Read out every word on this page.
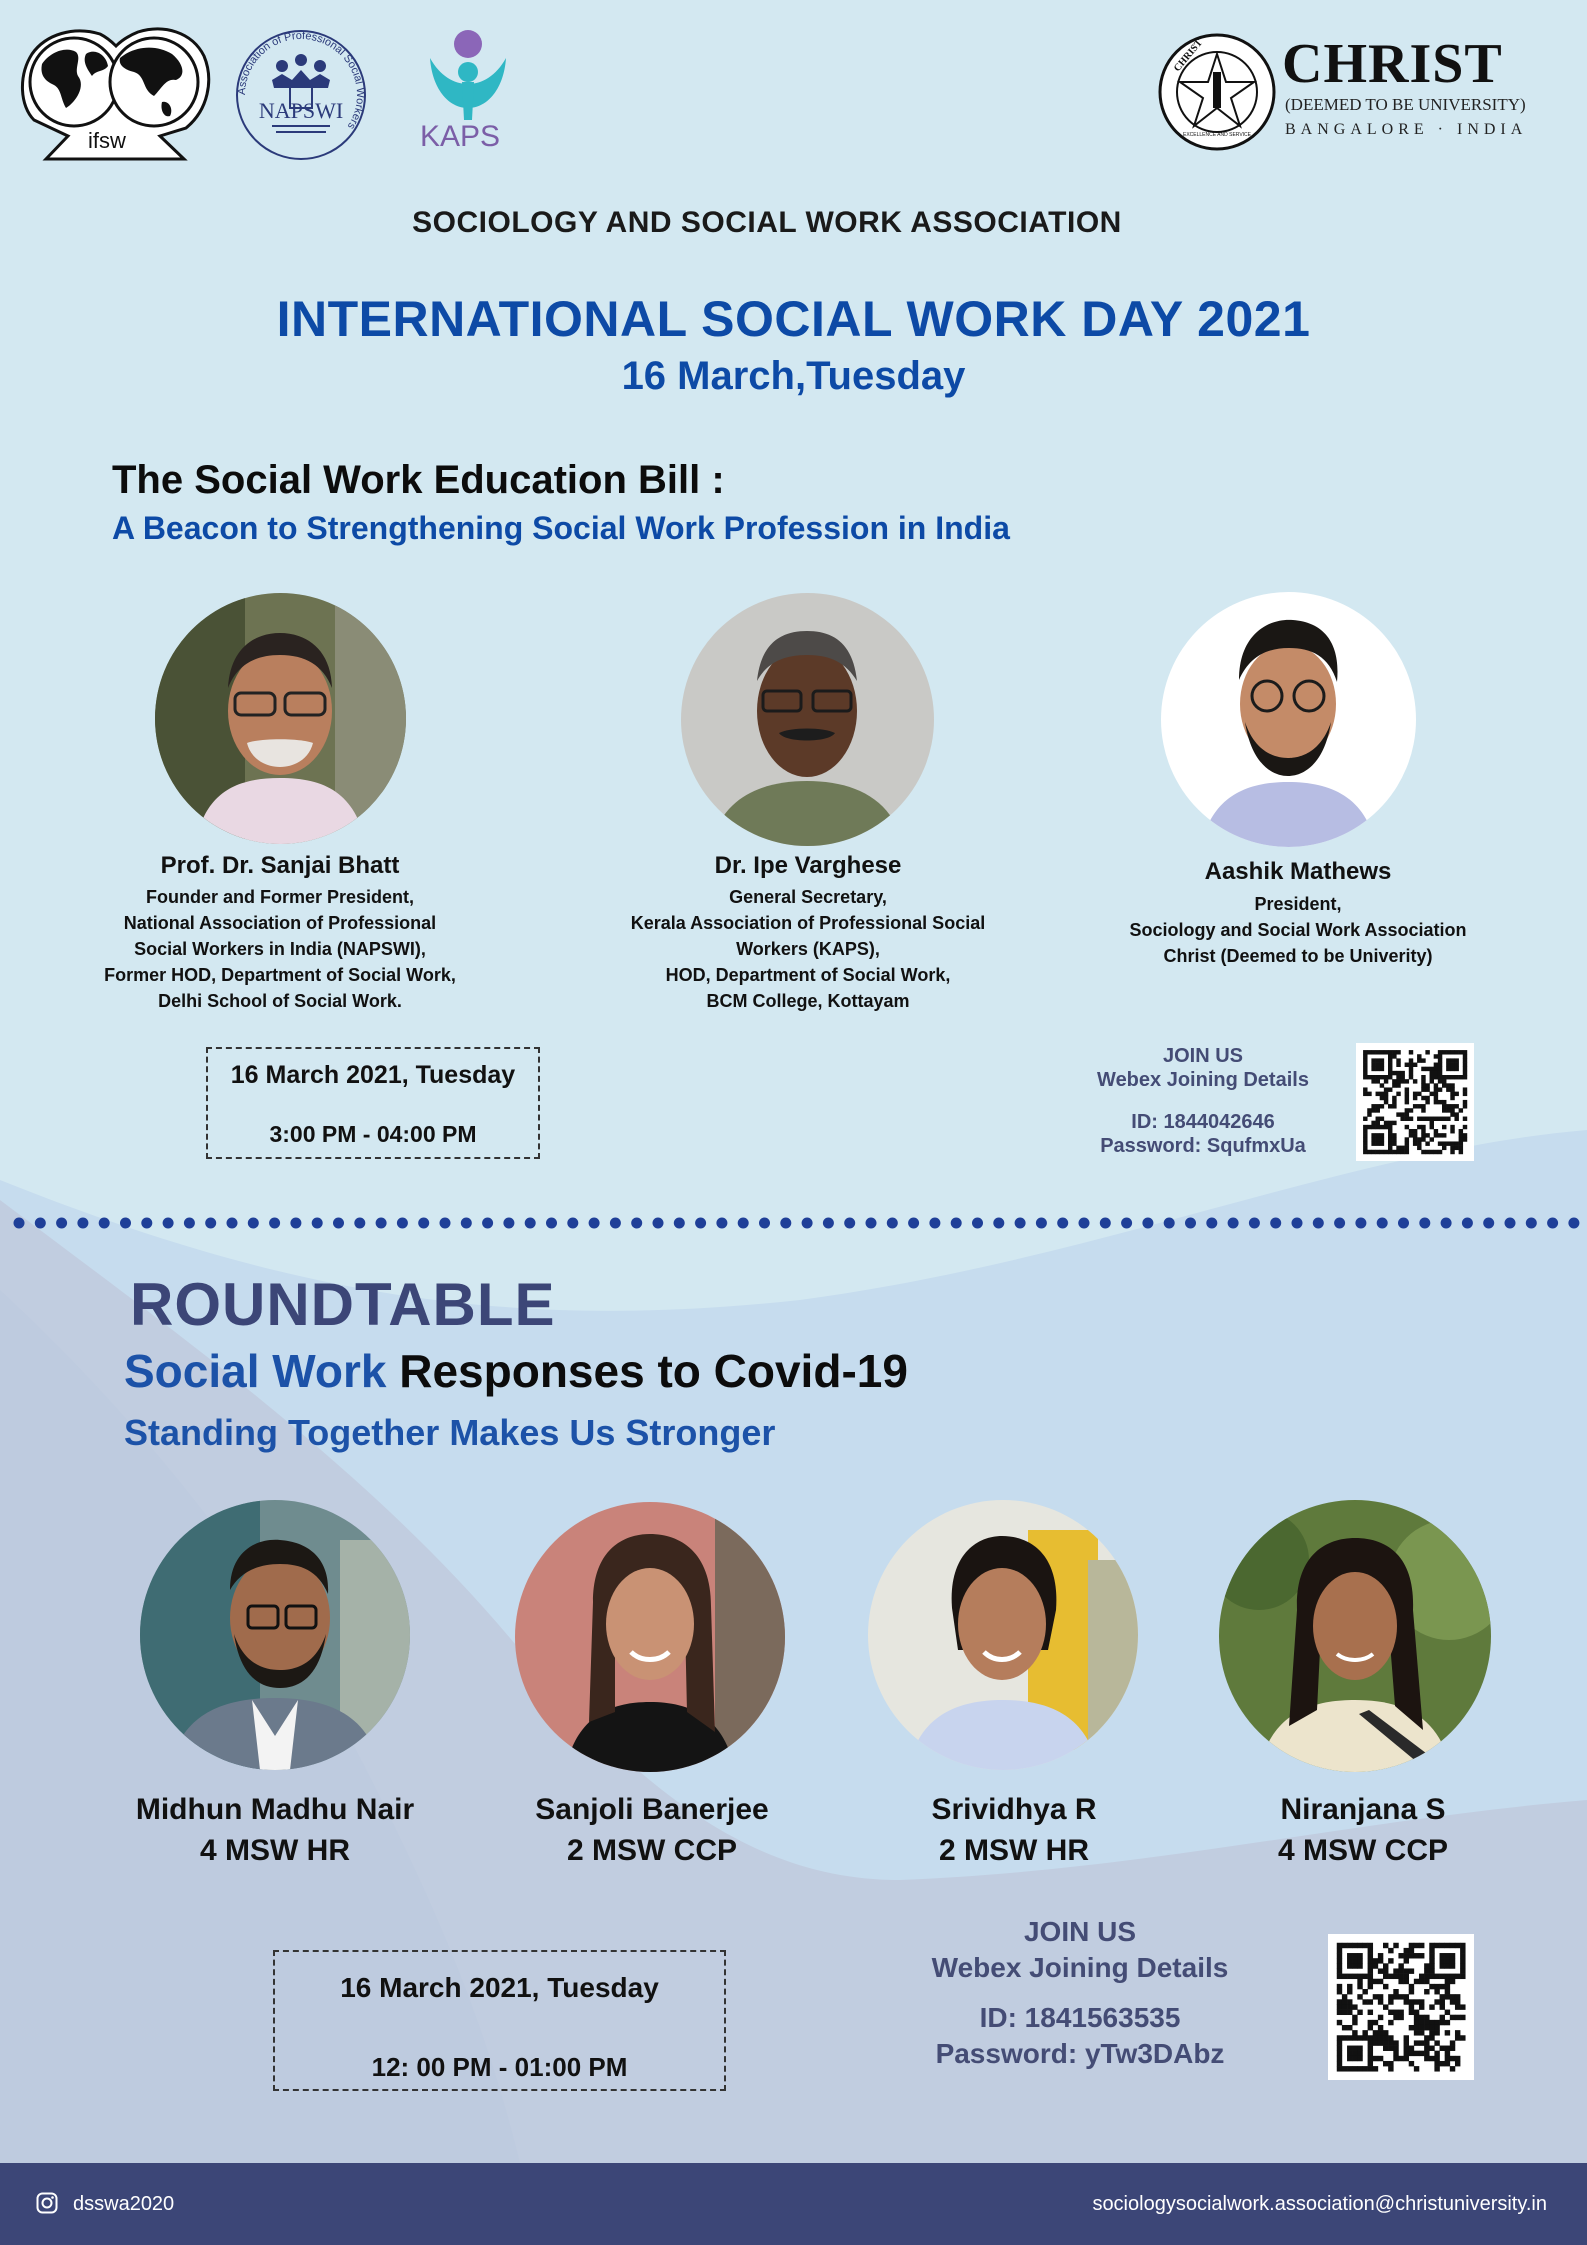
ifsw
Association of Professional Social Workers
NAPSWI
KAPS
CHRIST
EXCELLENCE AND SERVICE
CHRIST
(DEEMED TO BE UNIVERSITY)
BANGALORE · INDIA
SOCIOLOGY AND SOCIAL WORK ASSOCIATION
INTERNATIONAL SOCIAL WORK DAY 2021
16 March,Tuesday
The Social Work Education Bill :
A Beacon to Strengthening Social Work Profession in India
Prof. Dr. Sanjai Bhatt
Founder and Former President,
National Association of Professional
Social Workers in India (NAPSWI),
Former HOD, Department of Social Work,
Delhi School of Social Work.
Dr. Ipe Varghese
General Secretary,
Kerala Association of Professional Social
Workers (KAPS),
HOD, Department of Social Work,
BCM College, Kottayam
Aashik Mathews
President,
Sociology and Social Work Association
Christ (Deemed to be Univerity)
16 March 2021, Tuesday
3:00 PM - 04:00 PM
JOIN US
Webex Joining Details
ID: 1844042646
Password: SqufmxUa
ROUNDTABLE
Social Work Responses to Covid-19
Standing Together Makes Us Stronger
Midhun Madhu Nair
4 MSW HR
Sanjoli Banerjee
2 MSW CCP
Srividhya R
2 MSW HR
Niranjana S
4 MSW CCP
16 March 2021, Tuesday
12: 00 PM - 01:00 PM
JOIN US
Webex Joining Details
ID: 1841563535
Password: yTw3DAbz
dsswa2020	sociologysocialwork.association@christuniversity.in
